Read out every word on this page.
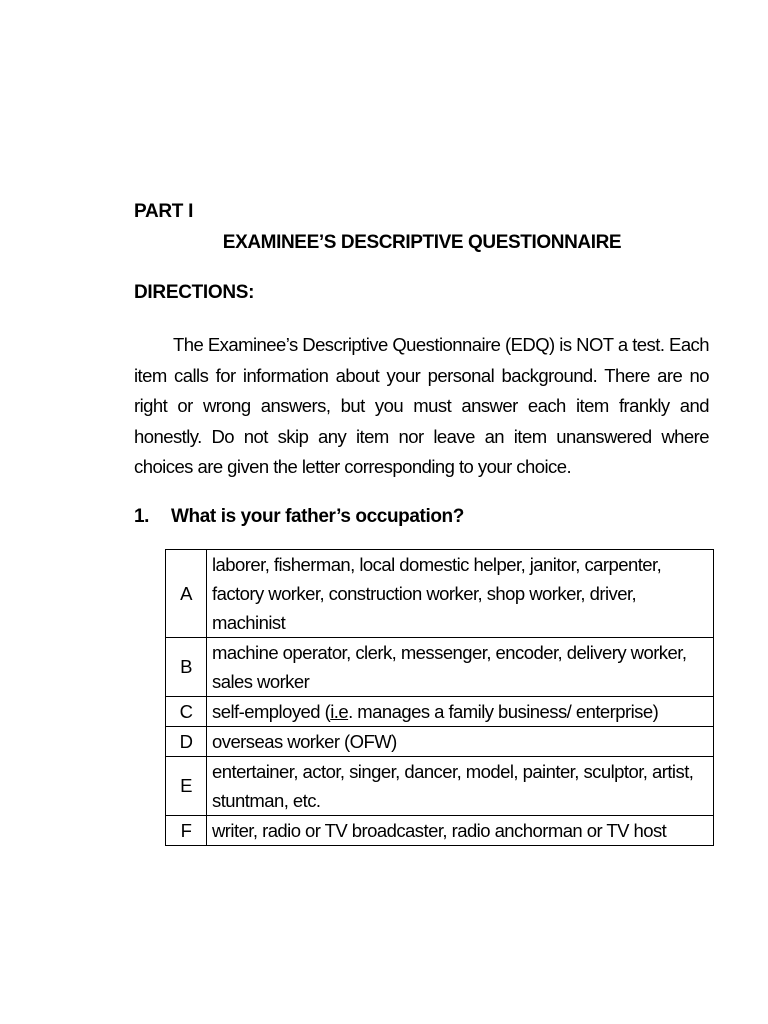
PART I
EXAMINEE’S DESCRIPTIVE QUESTIONNAIRE
DIRECTIONS:
The Examinee’s Descriptive Questionnaire (EDQ) is NOT a test. Each item calls for information about your personal background. There are no right or wrong answers, but you must answer each item frankly and honestly. Do not skip any item nor leave an item unanswered where choices are given the letter corresponding to your choice.
1. What is your father’s occupation?
A	laborer, fisherman, local domestic helper, janitor, carpenter, factory worker, construction worker, shop worker, driver, machinist
B	machine operator, clerk, messenger, encoder, delivery worker, sales worker
C	self-employed (i.e. manages a family business/ enterprise)
D	overseas worker (OFW)
E	entertainer, actor, singer, dancer, model, painter, sculptor, artist, stuntman, etc.
F	writer, radio or TV broadcaster, radio anchorman or TV host
